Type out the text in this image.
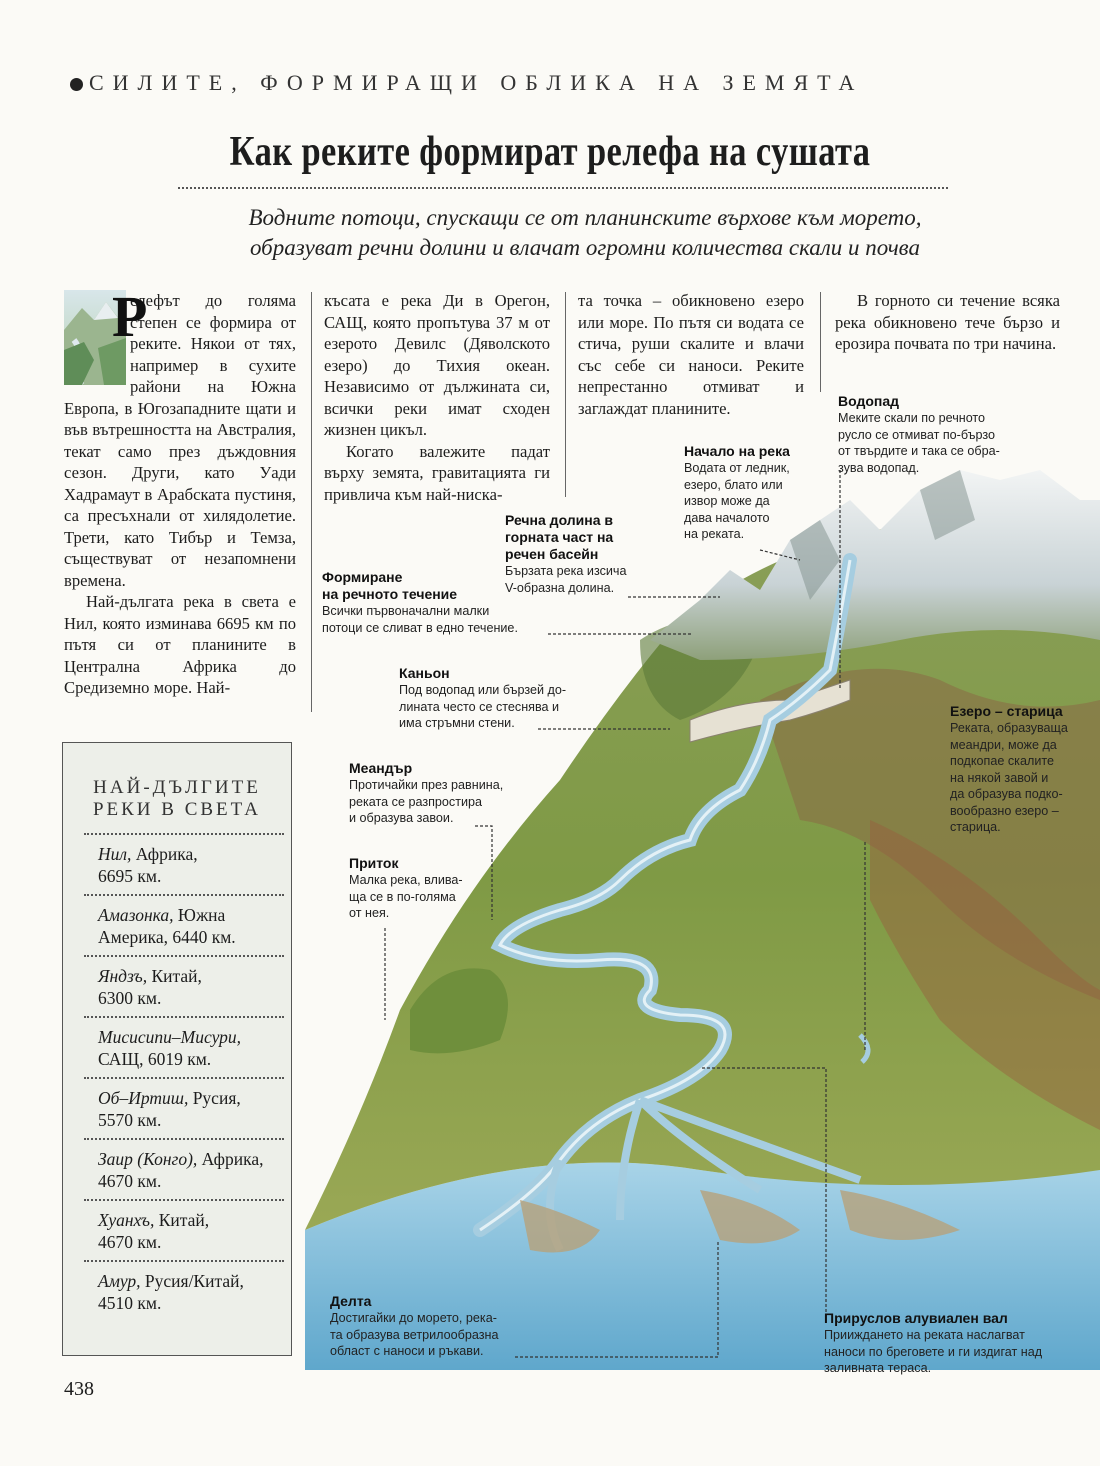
СИЛИТЕ, ФОРМИРАЩИ ОБЛИКА НА ЗЕМЯТА
Как реките формират релефа на сушата
Водните потоци, спускащи се от планинските върхове към морето,
образуват речни долини и влачат огромни количества скали и почва
Р

елефът до голяма степен се формира от реките. Някои от тях, например в сухите райони на Южна Европа, в Югозападните щати и във вътрешността на Австралия, текат само през дъждовния сезон. Други, като Уади Хадрамаут в Арабската пустиня, са пресъхнали от хилядолетие. Трети, като Тибър и Темза, съществуват от незапомнени времена.

Най-дългата река в света е Нил, която изминава 6695 км по пътя си от планините в Централна Африка до Средиземно море. Най-

късата е река Ди в Орегон, САЩ, която пропътува 37 м от езерото Девилс (Дяволското езеро) до Тихия океан. Независимо от дължината си, всички реки имат сходен жизнен цикъл.

Когато валежите падат върху земята, гравитацията ги привлича към най-ниска-

та точка – обикновено езеро или море. По пътя си водата се стича, руши скалите и влачи със себе си наноси. Реките непрестанно отмиват и заглаждат планините.

В горното си течение всяка река обикновено тече бързо и ерозира почвата по три начина.

Водопад
Меките скали по речното
русло се отмиват по-бързо
от твърдите и така се обра-
зува водопад.
Начало на река
Водата от ледник,
езеро, блато или
извор може да
дава началото
на реката.
Речна долина в
горната част на
речен басейн
Бързата река изсича
V-образна долина.
Формиране
на речното течение
Всички първоначални малки
потоци се сливат в едно течение.
Каньон
Под водопад или бързей до-
лината често се стеснява и
има стръмни стени.
Езеро – старица
Реката, образуваща
меандри, може да
подкопае скалите
на някой завой и
да образува подко-
вообразно езеро –
старица.
Меандър
Протичайки през равнина,
реката се разпростира
и образува завои.
Приток
Малка река, влива-
ща се в по-голяма
от нея.
Делта
Достигайки до морето, река-
та образува ветрилообразна
област с наноси и ръкави.
Прируслов алувиален вал
Прииждането на реката наслагват
наноси по бреговете и ги издигат над
заливната тераса.
НАЙ-ДЪЛГИТЕ
РЕКИ В СВЕТА
Нил, Африка,
6695 км.
Амазонка, Южна
Америка, 6440 км.
Яндзъ, Китай,
6300 км.
Мисисипи–Мисури,
САЩ, 6019 км.
Об–Иртиш, Русия,
5570 км.
Заир (Конго), Африка,
4670 км.
Хуанхъ, Китай,
4670 км.
Амур, Русия/Китай,
4510 км.
438
